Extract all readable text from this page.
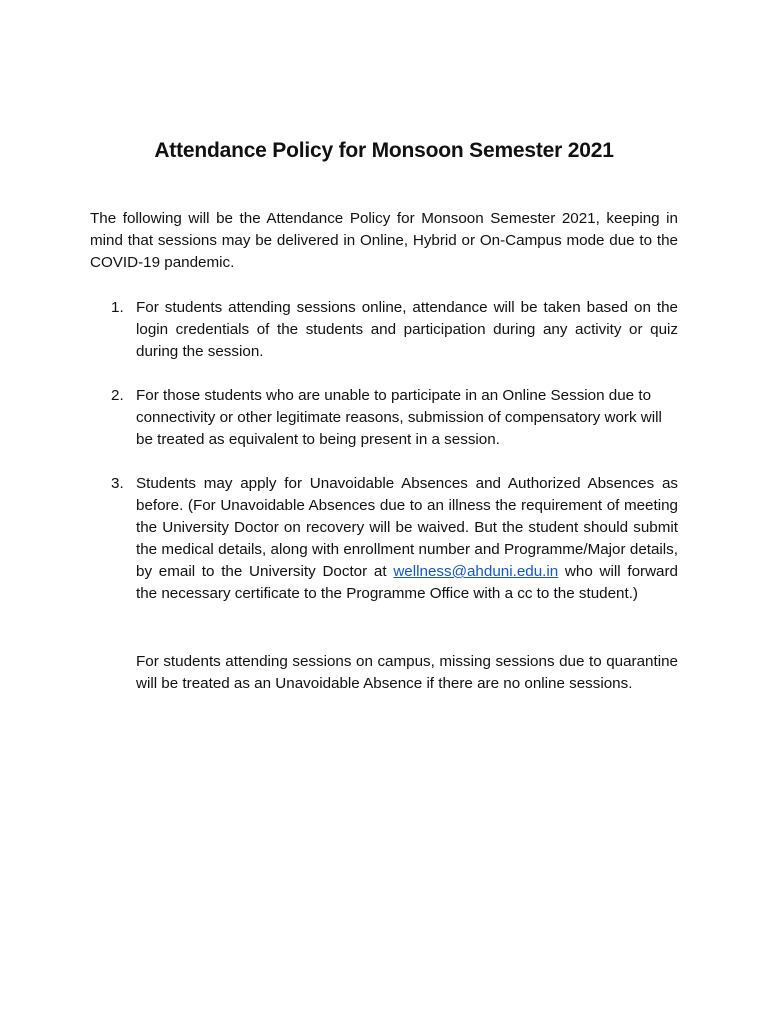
Attendance Policy for Monsoon Semester 2021
The following will be the Attendance Policy for Monsoon Semester 2021, keeping in mind that sessions may be delivered in Online, Hybrid or On-Campus mode due to the COVID-19 pandemic.
1. For students attending sessions online, attendance will be taken based on the login credentials of the students and participation during any activity or quiz during the session.
2. For those students who are unable to participate in an Online Session due to connectivity or other legitimate reasons, submission of compensatory work will be treated as equivalent to being present in a session.
3. Students may apply for Unavoidable Absences and Authorized Absences as before. (For Unavoidable Absences due to an illness the requirement of meeting the University Doctor on recovery will be waived. But the student should submit the medical details, along with enrollment number and Programme/Major details, by email to the University Doctor at wellness@ahduni.edu.in who will forward the necessary certificate to the Programme Office with a cc to the student.)
For students attending sessions on campus, missing sessions due to quarantine will be treated as an Unavoidable Absence if there are no online sessions.
